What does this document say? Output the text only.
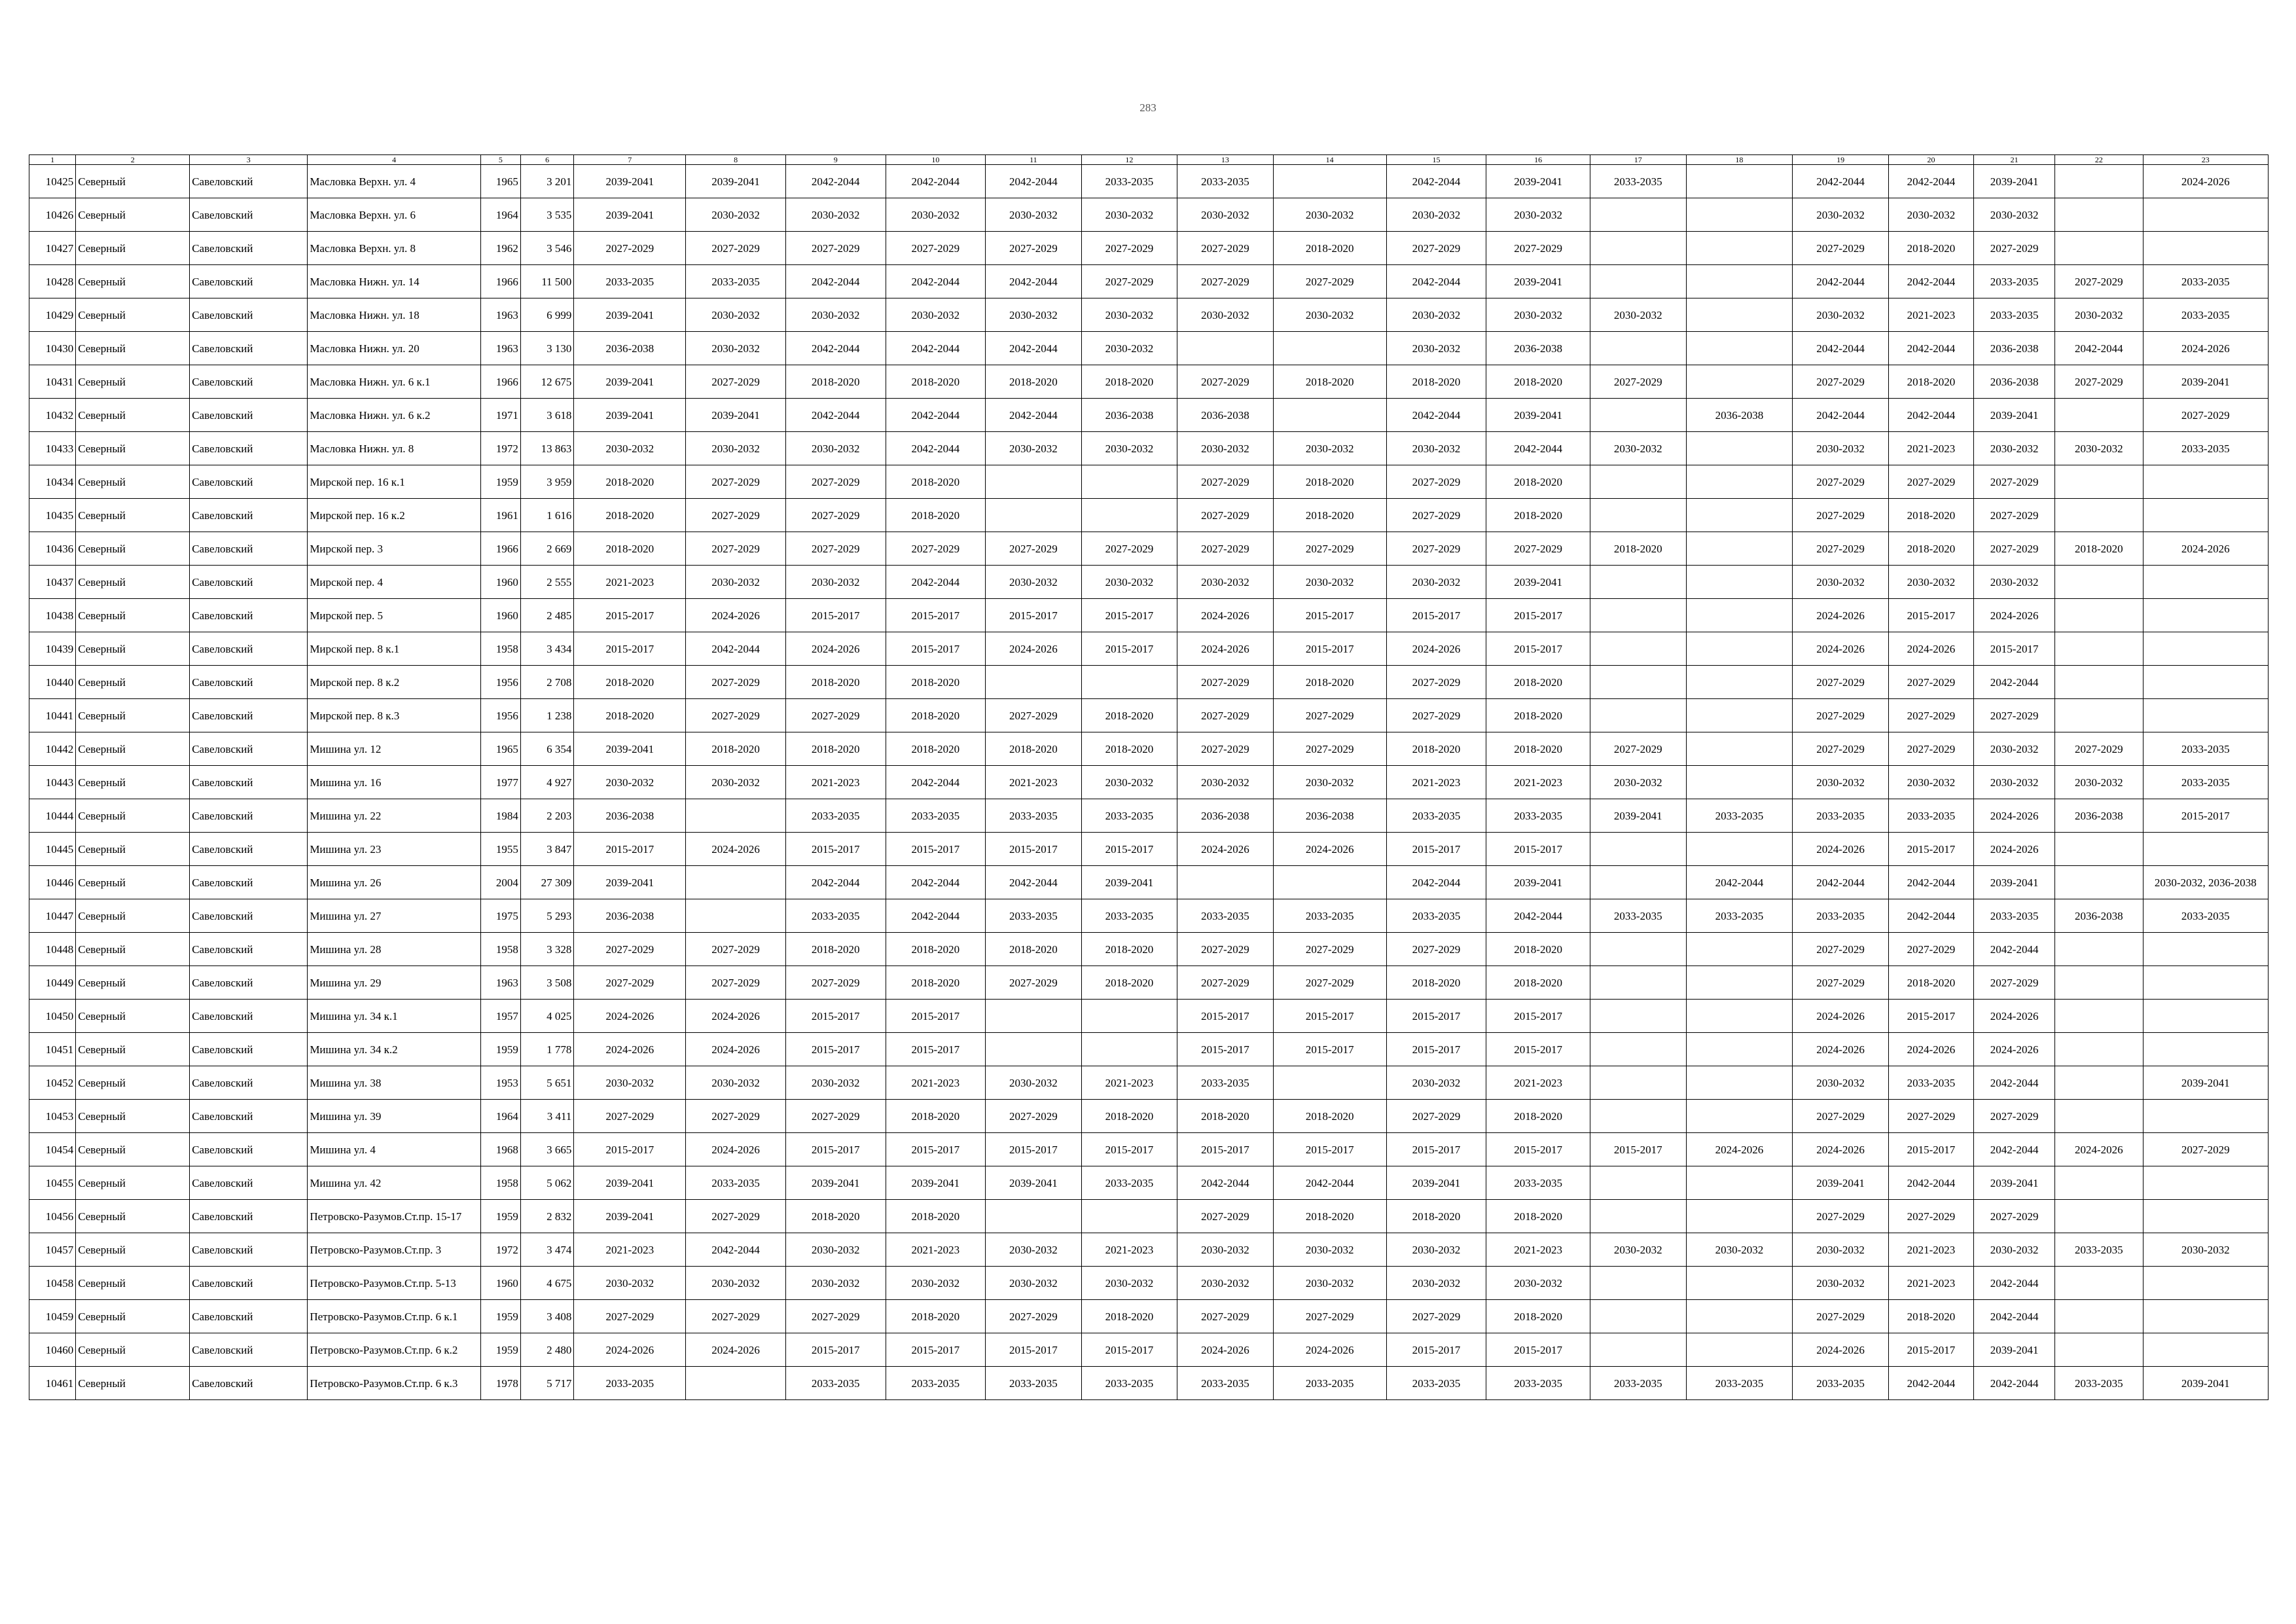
283
1	2	3	4	5	6	7	8	9	10	11	12	13	14	15	16	17	18	19	20	21	22	23
10425	Северный	Савеловский	Масловка Верхн. ул. 4	1965	3 201	2039-2041	2039-2041	2042-2044	2042-2044	2042-2044	2033-2035	2033-2035		2042-2044	2039-2041	2033-2035		2042-2044	2042-2044	2039-2041		2024-2026
10426	Северный	Савеловский	Масловка Верхн. ул. 6	1964	3 535	2039-2041	2030-2032	2030-2032	2030-2032	2030-2032	2030-2032	2030-2032	2030-2032	2030-2032	2030-2032			2030-2032	2030-2032	2030-2032		
10427	Северный	Савеловский	Масловка Верхн. ул. 8	1962	3 546	2027-2029	2027-2029	2027-2029	2027-2029	2027-2029	2027-2029	2027-2029	2018-2020	2027-2029	2027-2029			2027-2029	2018-2020	2027-2029		
10428	Северный	Савеловский	Масловка Нижн. ул. 14	1966	11 500	2033-2035	2033-2035	2042-2044	2042-2044	2042-2044	2027-2029	2027-2029	2027-2029	2042-2044	2039-2041			2042-2044	2042-2044	2033-2035	2027-2029	2033-2035
10429	Северный	Савеловский	Масловка Нижн. ул. 18	1963	6 999	2039-2041	2030-2032	2030-2032	2030-2032	2030-2032	2030-2032	2030-2032	2030-2032	2030-2032	2030-2032	2030-2032		2030-2032	2021-2023	2033-2035	2030-2032	2033-2035
10430	Северный	Савеловский	Масловка Нижн. ул. 20	1963	3 130	2036-2038	2030-2032	2042-2044	2042-2044	2042-2044	2030-2032			2030-2032	2036-2038			2042-2044	2042-2044	2036-2038	2042-2044	2024-2026
10431	Северный	Савеловский	Масловка Нижн. ул. 6 к.1	1966	12 675	2039-2041	2027-2029	2018-2020	2018-2020	2018-2020	2018-2020	2027-2029	2018-2020	2018-2020	2018-2020	2027-2029		2027-2029	2018-2020	2036-2038	2027-2029	2039-2041
10432	Северный	Савеловский	Масловка Нижн. ул. 6 к.2	1971	3 618	2039-2041	2039-2041	2042-2044	2042-2044	2042-2044	2036-2038	2036-2038		2042-2044	2039-2041		2036-2038	2042-2044	2042-2044	2039-2041		2027-2029
10433	Северный	Савеловский	Масловка Нижн. ул. 8	1972	13 863	2030-2032	2030-2032	2030-2032	2042-2044	2030-2032	2030-2032	2030-2032	2030-2032	2030-2032	2042-2044	2030-2032		2030-2032	2021-2023	2030-2032	2030-2032	2033-2035
10434	Северный	Савеловский	Мирской пер. 16 к.1	1959	3 959	2018-2020	2027-2029	2027-2029	2018-2020			2027-2029	2018-2020	2027-2029	2018-2020			2027-2029	2027-2029	2027-2029		
10435	Северный	Савеловский	Мирской пер. 16 к.2	1961	1 616	2018-2020	2027-2029	2027-2029	2018-2020			2027-2029	2018-2020	2027-2029	2018-2020			2027-2029	2018-2020	2027-2029		
10436	Северный	Савеловский	Мирской пер. 3	1966	2 669	2018-2020	2027-2029	2027-2029	2027-2029	2027-2029	2027-2029	2027-2029	2027-2029	2027-2029	2027-2029	2018-2020		2027-2029	2018-2020	2027-2029	2018-2020	2024-2026
10437	Северный	Савеловский	Мирской пер. 4	1960	2 555	2021-2023	2030-2032	2030-2032	2042-2044	2030-2032	2030-2032	2030-2032	2030-2032	2030-2032	2039-2041			2030-2032	2030-2032	2030-2032		
10438	Северный	Савеловский	Мирской пер. 5	1960	2 485	2015-2017	2024-2026	2015-2017	2015-2017	2015-2017	2015-2017	2024-2026	2015-2017	2015-2017	2015-2017			2024-2026	2015-2017	2024-2026		
10439	Северный	Савеловский	Мирской пер. 8 к.1	1958	3 434	2015-2017	2042-2044	2024-2026	2015-2017	2024-2026	2015-2017	2024-2026	2015-2017	2024-2026	2015-2017			2024-2026	2024-2026	2015-2017		
10440	Северный	Савеловский	Мирской пер. 8 к.2	1956	2 708	2018-2020	2027-2029	2018-2020	2018-2020			2027-2029	2018-2020	2027-2029	2018-2020			2027-2029	2027-2029	2042-2044		
10441	Северный	Савеловский	Мирской пер. 8 к.3	1956	1 238	2018-2020	2027-2029	2027-2029	2018-2020	2027-2029	2018-2020	2027-2029	2027-2029	2027-2029	2018-2020			2027-2029	2027-2029	2027-2029		
10442	Северный	Савеловский	Мишина ул. 12	1965	6 354	2039-2041	2018-2020	2018-2020	2018-2020	2018-2020	2018-2020	2027-2029	2027-2029	2018-2020	2018-2020	2027-2029		2027-2029	2027-2029	2030-2032	2027-2029	2033-2035
10443	Северный	Савеловский	Мишина ул. 16	1977	4 927	2030-2032	2030-2032	2021-2023	2042-2044	2021-2023	2030-2032	2030-2032	2030-2032	2021-2023	2021-2023	2030-2032		2030-2032	2030-2032	2030-2032	2030-2032	2033-2035
10444	Северный	Савеловский	Мишина ул. 22	1984	2 203	2036-2038		2033-2035	2033-2035	2033-2035	2033-2035	2036-2038	2036-2038	2033-2035	2033-2035	2039-2041	2033-2035	2033-2035	2033-2035	2024-2026	2036-2038	2015-2017
10445	Северный	Савеловский	Мишина ул. 23	1955	3 847	2015-2017	2024-2026	2015-2017	2015-2017	2015-2017	2015-2017	2024-2026	2024-2026	2015-2017	2015-2017			2024-2026	2015-2017	2024-2026		
10446	Северный	Савеловский	Мишина ул. 26	2004	27 309	2039-2041		2042-2044	2042-2044	2042-2044	2039-2041			2042-2044	2039-2041		2042-2044	2042-2044	2042-2044	2039-2041		2030-2032, 2036-2038
10447	Северный	Савеловский	Мишина ул. 27	1975	5 293	2036-2038		2033-2035	2042-2044	2033-2035	2033-2035	2033-2035	2033-2035	2033-2035	2042-2044	2033-2035	2033-2035	2033-2035	2042-2044	2033-2035	2036-2038	2033-2035
10448	Северный	Савеловский	Мишина ул. 28	1958	3 328	2027-2029	2027-2029	2018-2020	2018-2020	2018-2020	2018-2020	2027-2029	2027-2029	2027-2029	2018-2020			2027-2029	2027-2029	2042-2044		
10449	Северный	Савеловский	Мишина ул. 29	1963	3 508	2027-2029	2027-2029	2027-2029	2018-2020	2027-2029	2018-2020	2027-2029	2027-2029	2018-2020	2018-2020			2027-2029	2018-2020	2027-2029		
10450	Северный	Савеловский	Мишина ул. 34 к.1	1957	4 025	2024-2026	2024-2026	2015-2017	2015-2017			2015-2017	2015-2017	2015-2017	2015-2017			2024-2026	2015-2017	2024-2026		
10451	Северный	Савеловский	Мишина ул. 34 к.2	1959	1 778	2024-2026	2024-2026	2015-2017	2015-2017			2015-2017	2015-2017	2015-2017	2015-2017			2024-2026	2024-2026	2024-2026		
10452	Северный	Савеловский	Мишина ул. 38	1953	5 651	2030-2032	2030-2032	2030-2032	2021-2023	2030-2032	2021-2023	2033-2035		2030-2032	2021-2023			2030-2032	2033-2035	2042-2044		2039-2041
10453	Северный	Савеловский	Мишина ул. 39	1964	3 411	2027-2029	2027-2029	2027-2029	2018-2020	2027-2029	2018-2020	2018-2020	2018-2020	2027-2029	2018-2020			2027-2029	2027-2029	2027-2029		
10454	Северный	Савеловский	Мишина ул. 4	1968	3 665	2015-2017	2024-2026	2015-2017	2015-2017	2015-2017	2015-2017	2015-2017	2015-2017	2015-2017	2015-2017	2015-2017	2024-2026	2024-2026	2015-2017	2042-2044	2024-2026	2027-2029
10455	Северный	Савеловский	Мишина ул. 42	1958	5 062	2039-2041	2033-2035	2039-2041	2039-2041	2039-2041	2033-2035	2042-2044	2042-2044	2039-2041	2033-2035			2039-2041	2042-2044	2039-2041		
10456	Северный	Савеловский	Петровско-Разумов.Ст.пр. 15-17	1959	2 832	2039-2041	2027-2029	2018-2020	2018-2020			2027-2029	2018-2020	2018-2020	2018-2020			2027-2029	2027-2029	2027-2029		
10457	Северный	Савеловский	Петровско-Разумов.Ст.пр. 3	1972	3 474	2021-2023	2042-2044	2030-2032	2021-2023	2030-2032	2021-2023	2030-2032	2030-2032	2030-2032	2021-2023	2030-2032	2030-2032	2030-2032	2021-2023	2030-2032	2033-2035	2030-2032
10458	Северный	Савеловский	Петровско-Разумов.Ст.пр. 5-13	1960	4 675	2030-2032	2030-2032	2030-2032	2030-2032	2030-2032	2030-2032	2030-2032	2030-2032	2030-2032	2030-2032			2030-2032	2021-2023	2042-2044		
10459	Северный	Савеловский	Петровско-Разумов.Ст.пр. 6 к.1	1959	3 408	2027-2029	2027-2029	2027-2029	2018-2020	2027-2029	2018-2020	2027-2029	2027-2029	2027-2029	2018-2020			2027-2029	2018-2020	2042-2044		
10460	Северный	Савеловский	Петровско-Разумов.Ст.пр. 6 к.2	1959	2 480	2024-2026	2024-2026	2015-2017	2015-2017	2015-2017	2015-2017	2024-2026	2024-2026	2015-2017	2015-2017			2024-2026	2015-2017	2039-2041		
10461	Северный	Савеловский	Петровско-Разумов.Ст.пр. 6 к.3	1978	5 717	2033-2035		2033-2035	2033-2035	2033-2035	2033-2035	2033-2035	2033-2035	2033-2035	2033-2035	2033-2035	2033-2035	2033-2035	2042-2044	2042-2044	2033-2035	2039-2041
